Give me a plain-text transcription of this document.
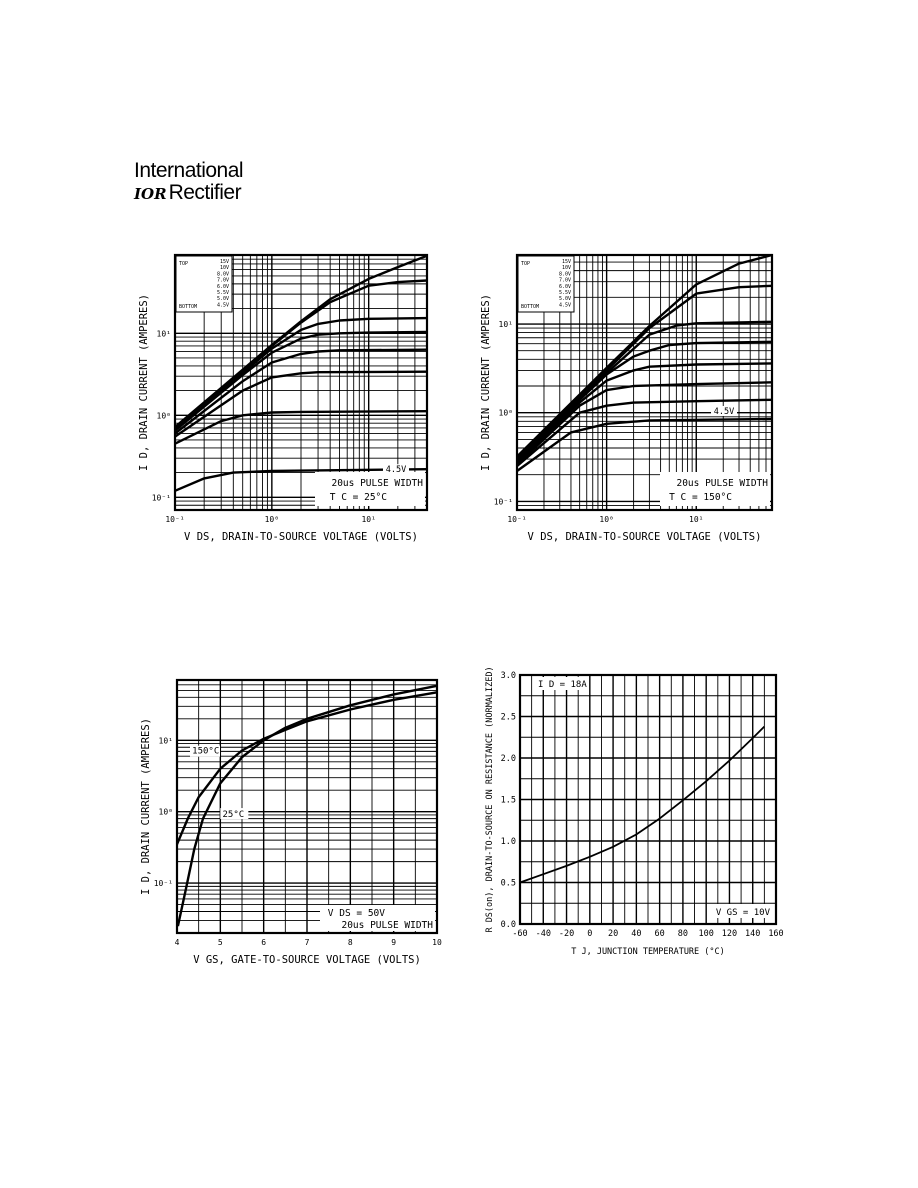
International
IORRectifier
10⁻¹	10⁰	10¹
10⁻¹
10⁰
10¹
V DS, DRAIN-TO-SOURCE VOLTAGE (VOLTS)
I D, DRAIN CURRENT (AMPERES)
TOP
BOTTOM
15V
10V
8.0V
7.0V
6.0V
5.5V
5.0V
4.5V
20us PULSE WIDTH
T C = 25°C
4.5V
10⁻¹	10⁰	10¹
10⁻¹
10⁰
10¹
V DS, DRAIN-TO-SOURCE VOLTAGE (VOLTS)
I D, DRAIN CURRENT (AMPERES)
TOP
BOTTOM
15V
10V
8.0V
7.0V
6.0V
5.5V
5.0V
4.5V
20us PULSE WIDTH
T C = 150°C
4.5V
4	5	6	7	8	9	10
10⁻¹
10⁰
10¹
V GS, GATE-TO-SOURCE VOLTAGE (VOLTS)
I D, DRAIN CURRENT (AMPERES)	150°C
25°C
V DS = 50V
20us PULSE WIDTH
-60 -40 -20 0 20 40 60 80 100 120 140 160
0.0
0.5
1.0
1.5
2.0
2.5
3.0
T J, JUNCTION TEMPERATURE (°C)
R DS(on), DRAIN-TO-SOURCE ON RESISTANCE (NORMALIZED)	I D = 18A
V GS = 10V
